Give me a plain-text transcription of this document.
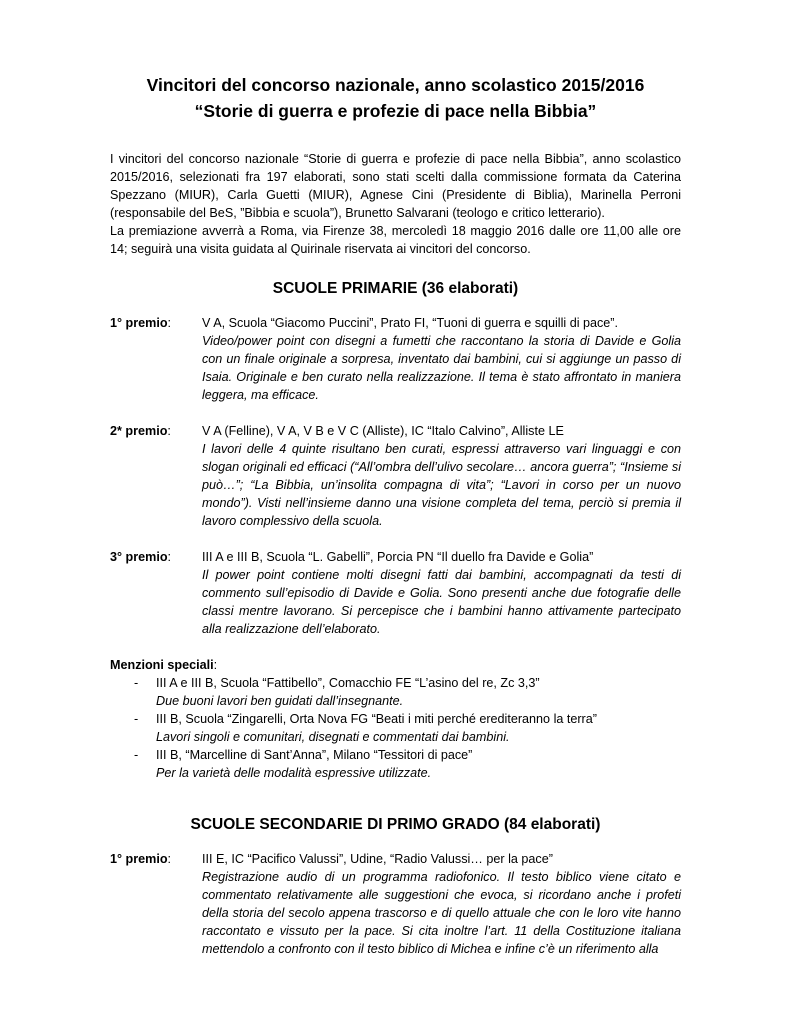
Vincitori del concorso nazionale, anno scolastico 2015/2016
“Storie di guerra e profezie di pace nella Bibbia”

I vincitori del concorso nazionale “Storie di guerra e profezie di pace nella Bibbia”, anno scolastico 2015/2016, selezionati fra 197 elaborati, sono stati scelti dalla commissione formata da Caterina Spezzano (MIUR), Carla Guetti (MIUR), Agnese Cini (Presidente di Biblia), Marinella Perroni (responsabile del BeS, ”Bibbia e scuola”), Brunetto Salvarani (teologo e critico letterario).

La premiazione avverrà a Roma, via Firenze 38, mercoledì 18 maggio 2016 dalle ore 11,00 alle ore 14; seguirà una visita guidata al Quirinale riservata ai vincitori del concorso.

SCUOLE PRIMARIE (36 elaborati)
1° premio:	V A, Scuola “Giacomo Puccini”, Prato FI, “Tuoni di guerra e squilli di pace”.
Video/power point con disegni a fumetti che raccontano la storia di Davide e Golia con un finale originale a sorpresa, inventato dai bambini, cui si aggiunge un passo di Isaia. Originale e ben curato nella realizzazione. Il tema è stato affrontato in maniera leggera, ma efficace.
2* premio:	V A (Felline), V A, V B e V C (Alliste), IC “Italo Calvino”, Alliste LE
I lavori delle 4 quinte risultano ben curati, espressi attraverso vari linguaggi e con slogan originali ed efficaci (“All’ombra dell’ulivo secolare… ancora guerra”; “Insieme si può…”; “La Bibbia, un’insolita compagna di vita”; “Lavori in corso per un nuovo mondo”). Visti nell’insieme danno una visione completa del tema, perciò si premia il lavoro complessivo della scuola.
3° premio:	III A e III B, Scuola “L. Gabelli”, Porcia PN “Il duello fra Davide e Golia”
Il power point contiene molti disegni fatti dai bambini, accompagnati da testi di commento sull’episodio di Davide e Golia. Sono presenti anche due fotografie delle classi mentre lavorano. Si percepisce che i bambini hanno attivamente partecipato alla realizzazione dell’elaborato.
Menzioni speciali:
- III A e III B, Scuola “Fattibello”, Comacchio FE “L’asino del re, Zc 3,3”
Due buoni lavori ben guidati dall’insegnante.
- III B, Scuola “Zingarelli, Orta Nova FG “Beati i miti perché erediteranno la terra”
Lavori singoli e comunitari, disegnati e commentati dai bambini.
- III B, “Marcelline di Sant’Anna”, Milano “Tessitori di pace”
Per la varietà delle modalità espressive utilizzate.
SCUOLE SECONDARIE DI PRIMO GRADO (84 elaborati)
1° premio:	III E, IC “Pacifico Valussi”, Udine, “Radio Valussi… per la pace”
Registrazione audio di un programma radiofonico. Il testo biblico viene citato e commentato relativamente alle suggestioni che evoca, si ricordano anche i profeti della storia del secolo appena trascorso e di quello attuale che con le loro vite hanno raccontato e vissuto per la pace. Si cita inoltre l’art. 11 della Costituzione italiana mettendolo a confronto con il testo biblico di Michea e infine c’è un riferimento alla
